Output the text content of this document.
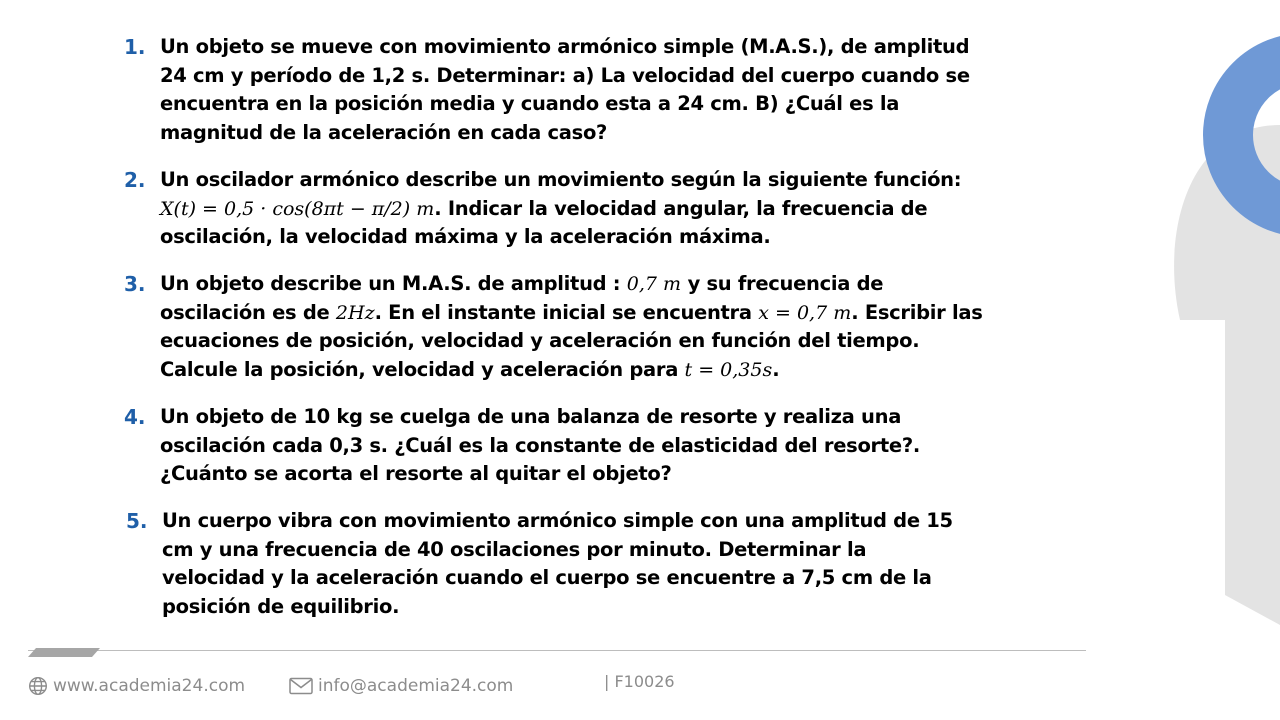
1. Un objeto se mueve con movimiento armónico simple (M.A.S.), de amplitud
24 cm y período de 1,2 s. Determinar: a) La velocidad del cuerpo cuando se
encuentra en la posición media y cuando esta a 24 cm. B) ¿Cuál es la
magnitud de la aceleración en cada caso?
2. Un oscilador armónico describe un movimiento según la siguiente función:
X(t) = 0,5 · cos(8πt − π/2) m. Indicar la velocidad angular, la frecuencia de
oscilación, la velocidad máxima y la aceleración máxima.
3. Un objeto describe un M.A.S. de amplitud : 0,7 m y su frecuencia de
oscilación es de 2Hz. En el instante inicial se encuentra x = 0,7 m. Escribir las
ecuaciones de posición, velocidad y aceleración en función del tiempo.
Calcule la posición, velocidad y aceleración para t = 0,35s.
4. Un objeto de 10 kg se cuelga de una balanza de resorte y realiza una
oscilación cada 0,3 s. ¿Cuál es la constante de elasticidad del resorte?.
¿Cuánto se acorta el resorte al quitar el objeto?
5. Un cuerpo vibra con movimiento armónico simple con una amplitud de 15
cm y una frecuencia de 40 oscilaciones por minuto. Determinar la
velocidad y la aceleración cuando el cuerpo se encuentre a 7,5 cm de la
posición de equilibrio.
www.academia24.com	info@academia24.com	| F10026
